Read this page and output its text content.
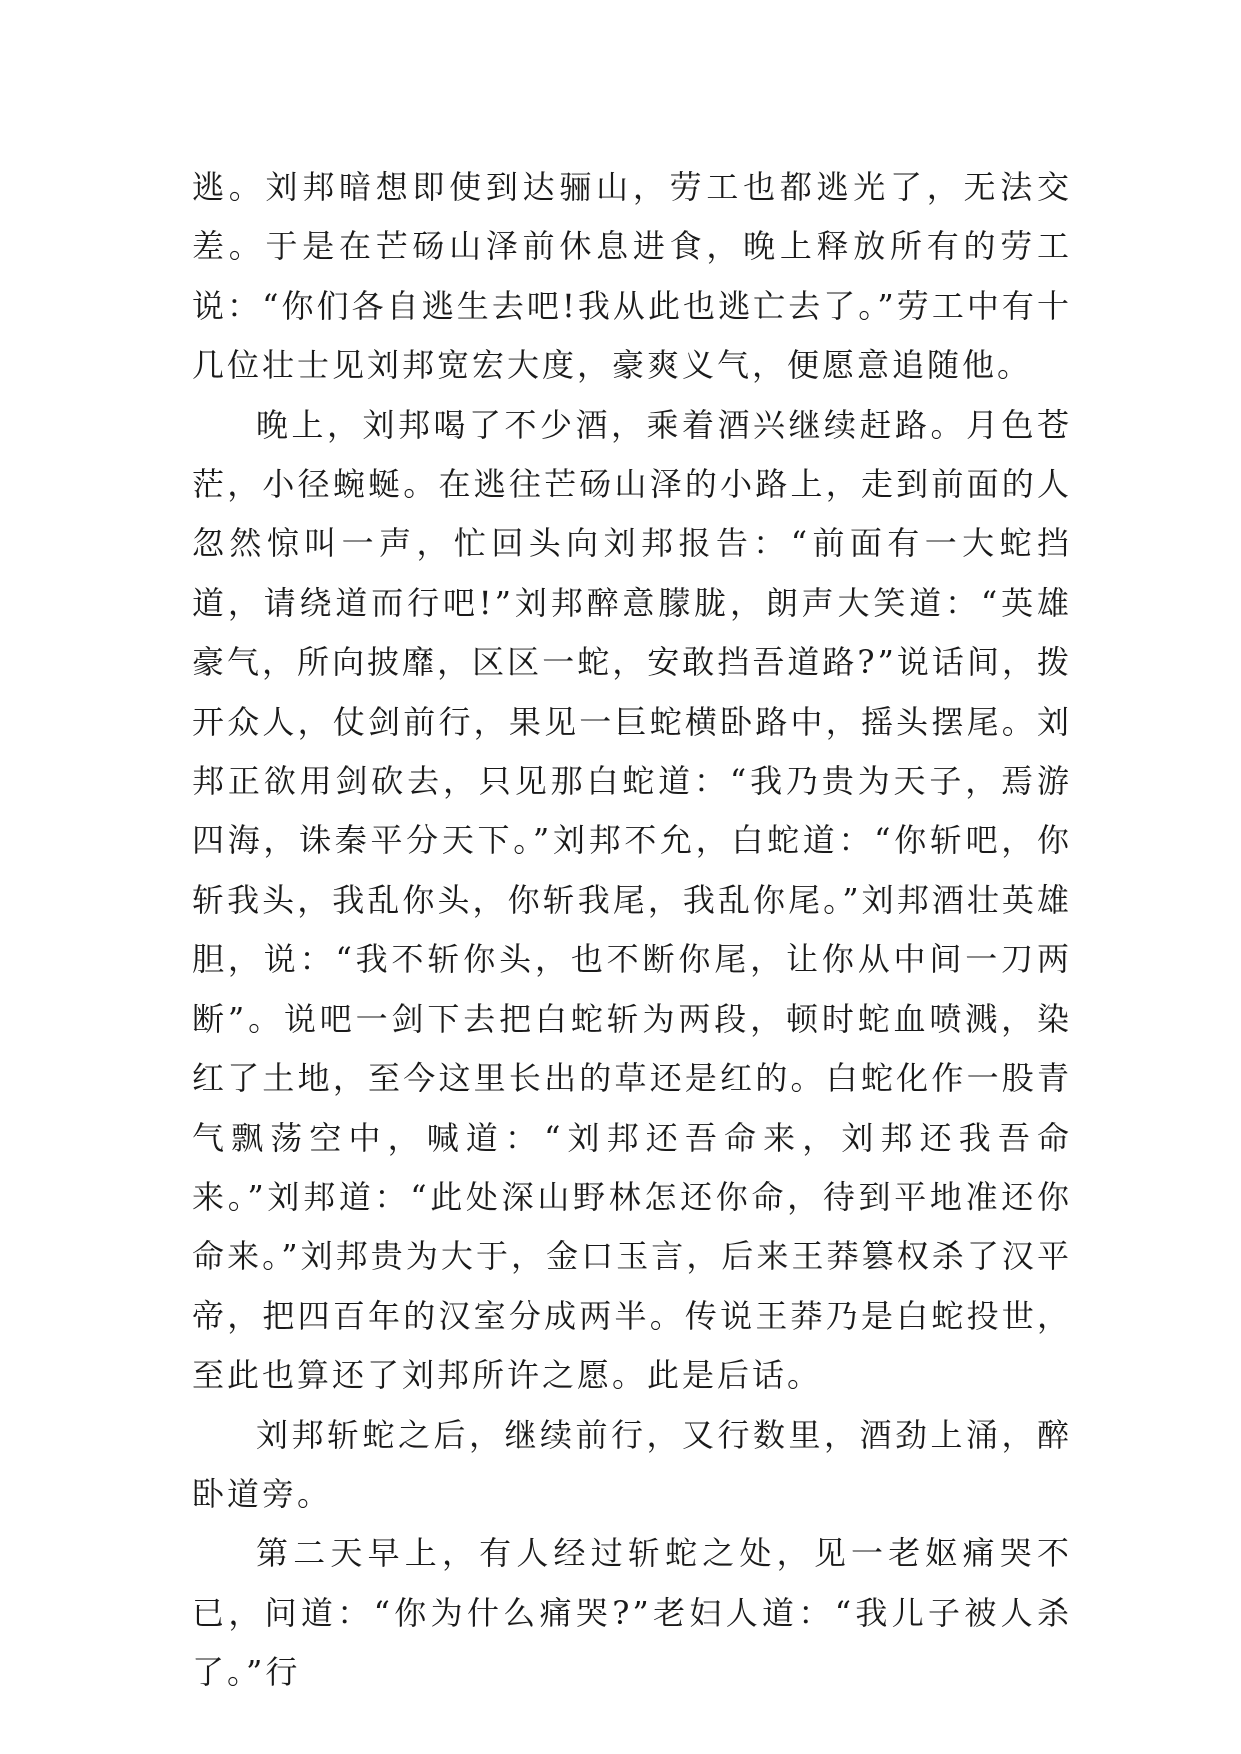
逃。刘邦暗想即使到达骊山，劳工也都逃光了，无法交差。于是在芒砀山泽前休息进食，晚上释放所有的劳工说：“你们各自逃生去吧!我从此也逃亡去了。”劳工中有十几位壮士见刘邦宽宏大度，豪爽义气，便愿意追随他。

晚上，刘邦喝了不少酒，乘着酒兴继续赶路。月色苍茫，小径蜿蜒。在逃往芒砀山泽的小路上，走到前面的人忽然惊叫一声，忙回头向刘邦报告：“前面有一大蛇挡道，请绕道而行吧!”刘邦醉意朦胧，朗声大笑道：“英雄豪气，所向披靡，区区一蛇，安敢挡吾道路?”说话间，拨开众人，仗剑前行，果见一巨蛇横卧路中，摇头摆尾。刘邦正欲用剑砍去，只见那白蛇道：“我乃贵为天子，焉游四海，诛秦平分天下。”刘邦不允，白蛇道：“你斩吧，你斩我头，我乱你头，你斩我尾，我乱你尾。”刘邦酒壮英雄胆，说：“我不斩你头，也不断你尾，让你从中间一刀两断”。说吧一剑下去把白蛇斩为两段，顿时蛇血喷溅，染红了土地，至今这里长出的草还是红的。白蛇化作一股青气飘荡空中，喊道：“刘邦还吾命来，刘邦还我吾命来。”刘邦道：“此处深山野林怎还你命，待到平地准还你命来。”刘邦贵为大于，金口玉言，后来王莽篡权杀了汉平帝，把四百年的汉室分成两半。传说王莽乃是白蛇投世，至此也算还了刘邦所许之愿。此是后话。

刘邦斩蛇之后，继续前行，又行数里，酒劲上涌，醉卧道旁。

第二天早上，有人经过斩蛇之处，见一老妪痛哭不已，问道：“你为什么痛哭?”老妇人道：“我儿子被人杀了。”行
